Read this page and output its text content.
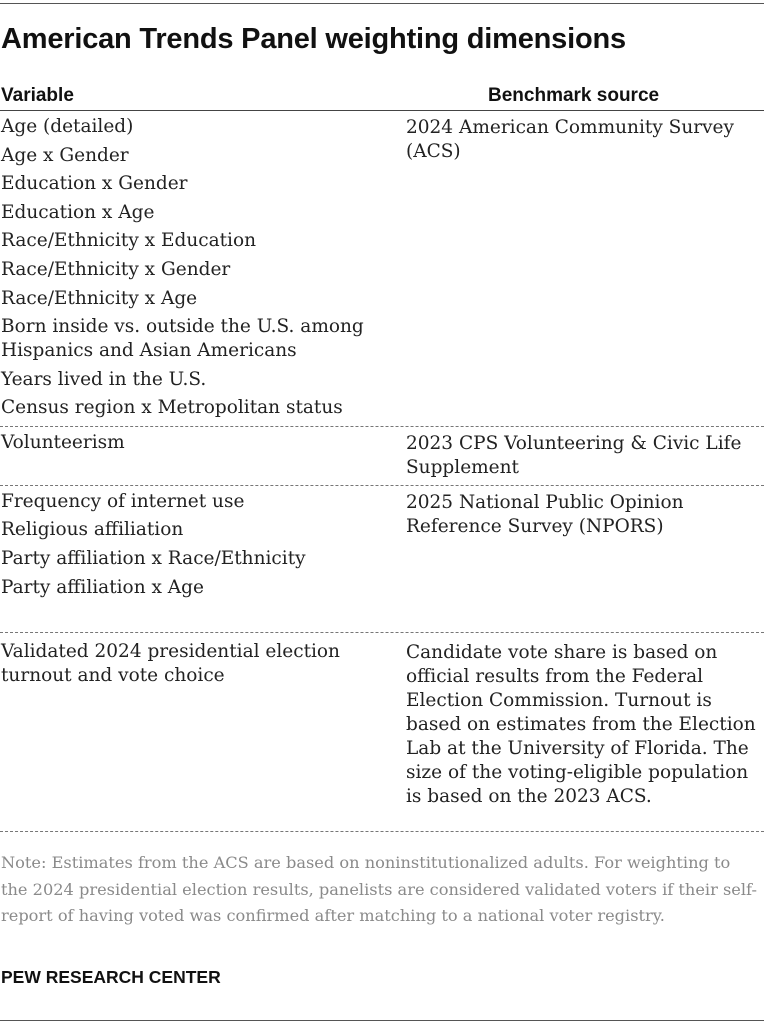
American Trends Panel weighting dimensions
Variable	Benchmark source
Age (detailed)
Age x Gender
Education x Gender
Education x Age
Race/Ethnicity x Education
Race/Ethnicity x Gender
Race/Ethnicity x Age
Born inside vs. outside the U.S. among
Hispanics and Asian Americans
Years lived in the U.S.
Census region x Metropolitan status
2024 American Community Survey (ACS)
Volunteerism	2023 CPS Volunteering & Civic Life Supplement
Frequency of internet use
Religious affiliation
Party affiliation x Race/Ethnicity
Party affiliation x Age
2025 National Public Opinion Reference Survey (NPORS)
Validated 2024 presidential election
turnout and vote choice
Candidate vote share is based on official results from the Federal Election Commission. Turnout is based on estimates from the Election Lab at the University of Florida. The size of the voting-eligible population is based on the 2023 ACS.
Note: Estimates from the ACS are based on noninstitutionalized adults. For weighting to the 2024 presidential election results, panelists are considered validated voters if their self-report of having voted was confirmed after matching to a national voter registry.
PEW RESEARCH CENTER
